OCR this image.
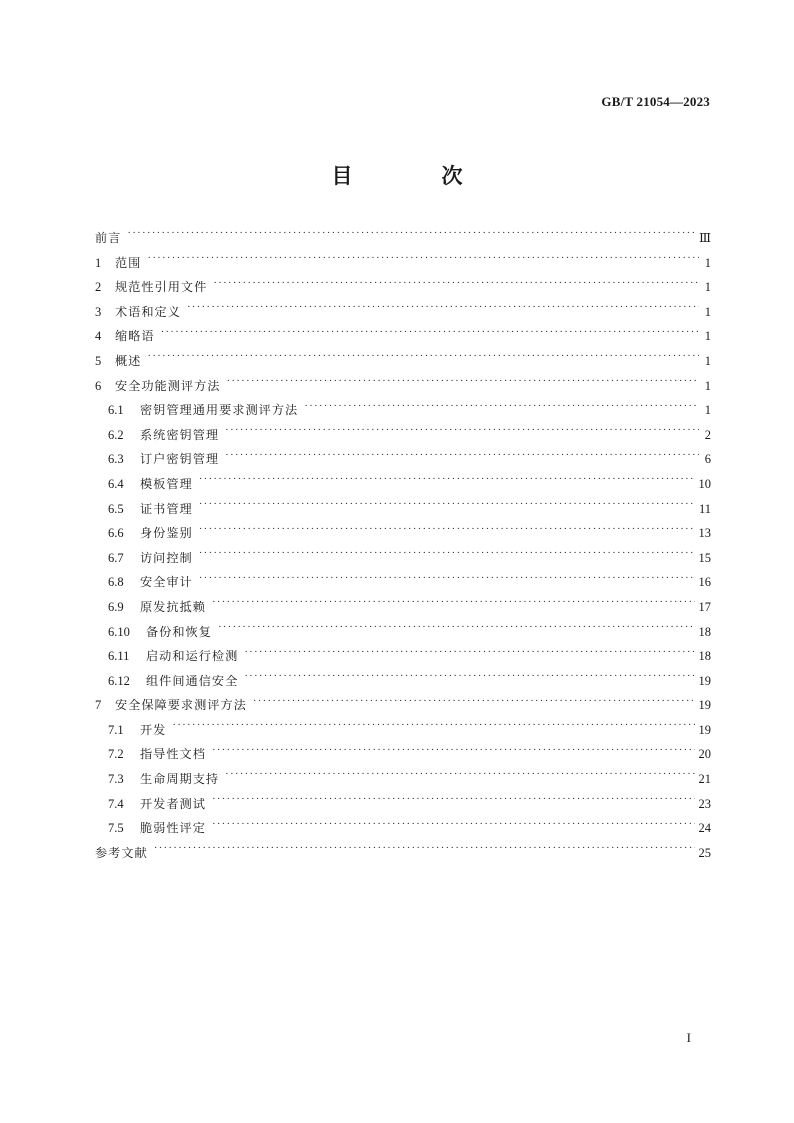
GB/T 21054—2023
目　次
前言 ·····	Ⅲ
1	范围 ·····	1
2	规范性引用文件 ·····	1
3	术语和定义 ·····	1
4	缩略语 ·····	1
5	概述 ·····	1
6	安全功能测评方法 ·····	1
6.1	密钥管理通用要求测评方法 ·····	1
6.2	系统密钥管理 ·····	2
6.3	订户密钥管理 ·····	6
6.4	模板管理 ·····	10
6.5	证书管理 ·····	11
6.6	身份鉴别 ·····	13
6.7	访问控制 ·····	15
6.8	安全审计 ·····	16
6.9	原发抗抵赖 ·····	17
6.10	备份和恢复 ·····	18
6.11	启动和运行检测 ·····	18
6.12	组件间通信安全 ·····	19
7	安全保障要求测评方法 ·····	19
7.1	开发 ·····	19
7.2	指导性文档 ·····	20
7.3	生命周期支持 ·····	21
7.4	开发者测试 ·····	23
7.5	脆弱性评定 ·····	24
参考文献 ·····	25
I
